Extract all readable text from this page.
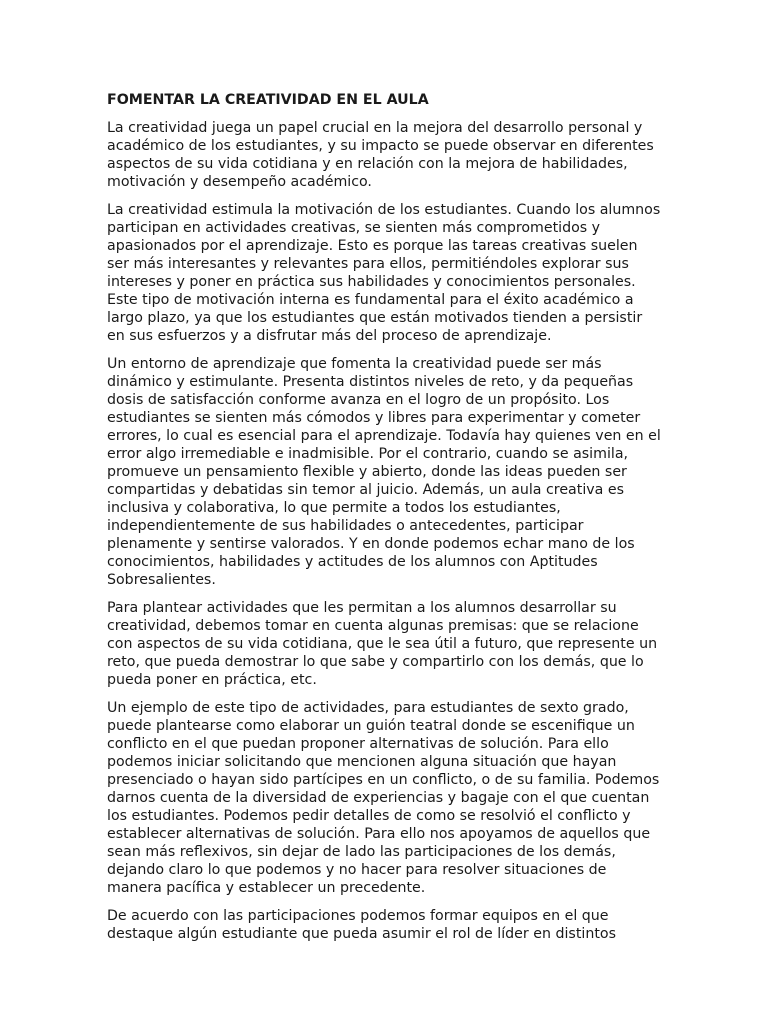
FOMENTAR LA CREATIVIDAD EN EL AULA

La creatividad juega un papel crucial en la mejora del desarrollo personal y académico de los estudiantes, y su impacto se puede observar en diferentes aspectos de su vida cotidiana y en relación con la mejora de habilidades, motivación y desempeño académico.

La creatividad estimula la motivación de los estudiantes. Cuando los alumnos participan en actividades creativas, se sienten más comprometidos y apasionados por el aprendizaje. Esto es porque las tareas creativas suelen ser más interesantes y relevantes para ellos, permitiéndoles explorar sus intereses y poner en práctica sus habilidades y conocimientos personales. Este tipo de motivación interna es fundamental para el éxito académico a largo plazo, ya que los estudiantes que están motivados tienden a persistir en sus esfuerzos y a disfrutar más del proceso de aprendizaje.

Un entorno de aprendizaje que fomenta la creatividad puede ser más dinámico y estimulante. Presenta distintos niveles de reto, y da pequeñas dosis de satisfacción conforme avanza en el logro de un propósito. Los estudiantes se sienten más cómodos y libres para experimentar y cometer errores, lo cual es esencial para el aprendizaje. Todavía hay quienes ven en el error algo irremediable e inadmisible. Por el contrario, cuando se asimila, promueve un pensamiento flexible y abierto, donde las ideas pueden ser compartidas y debatidas sin temor al juicio. Además, un aula creativa es inclusiva y colaborativa, lo que permite a todos los estudiantes, independientemente de sus habilidades o antecedentes, participar plenamente y sentirse valorados. Y en donde podemos echar mano de los conocimientos, habilidades y actitudes de los alumnos con Aptitudes Sobresalientes.

Para plantear actividades que les permitan a los alumnos desarrollar su creatividad, debemos tomar en cuenta algunas premisas: que se relacione con aspectos de su vida cotidiana, que le sea útil a futuro, que represente un reto, que pueda demostrar lo que sabe y compartirlo con los demás, que lo pueda poner en práctica, etc.

Un ejemplo de este tipo de actividades, para estudiantes de sexto grado, puede plantearse como elaborar un guión teatral donde se escenifique un conflicto en el que puedan proponer alternativas de solución. Para ello podemos iniciar solicitando que mencionen alguna situación que hayan presenciado o hayan sido partícipes en un conflicto, o de su familia. Podemos darnos cuenta de la diversidad de experiencias y bagaje con el que cuentan los estudiantes. Podemos pedir detalles de como se resolvió el conflicto y establecer alternativas de solución. Para ello nos apoyamos de aquellos que sean más reflexivos, sin dejar de lado las participaciones de los demás, dejando claro lo que podemos y no hacer para resolver situaciones de manera pacífica y establecer un precedente.

De acuerdo con las participaciones podemos formar equipos en el que destaque algún estudiante que pueda asumir el rol de líder en distintos
